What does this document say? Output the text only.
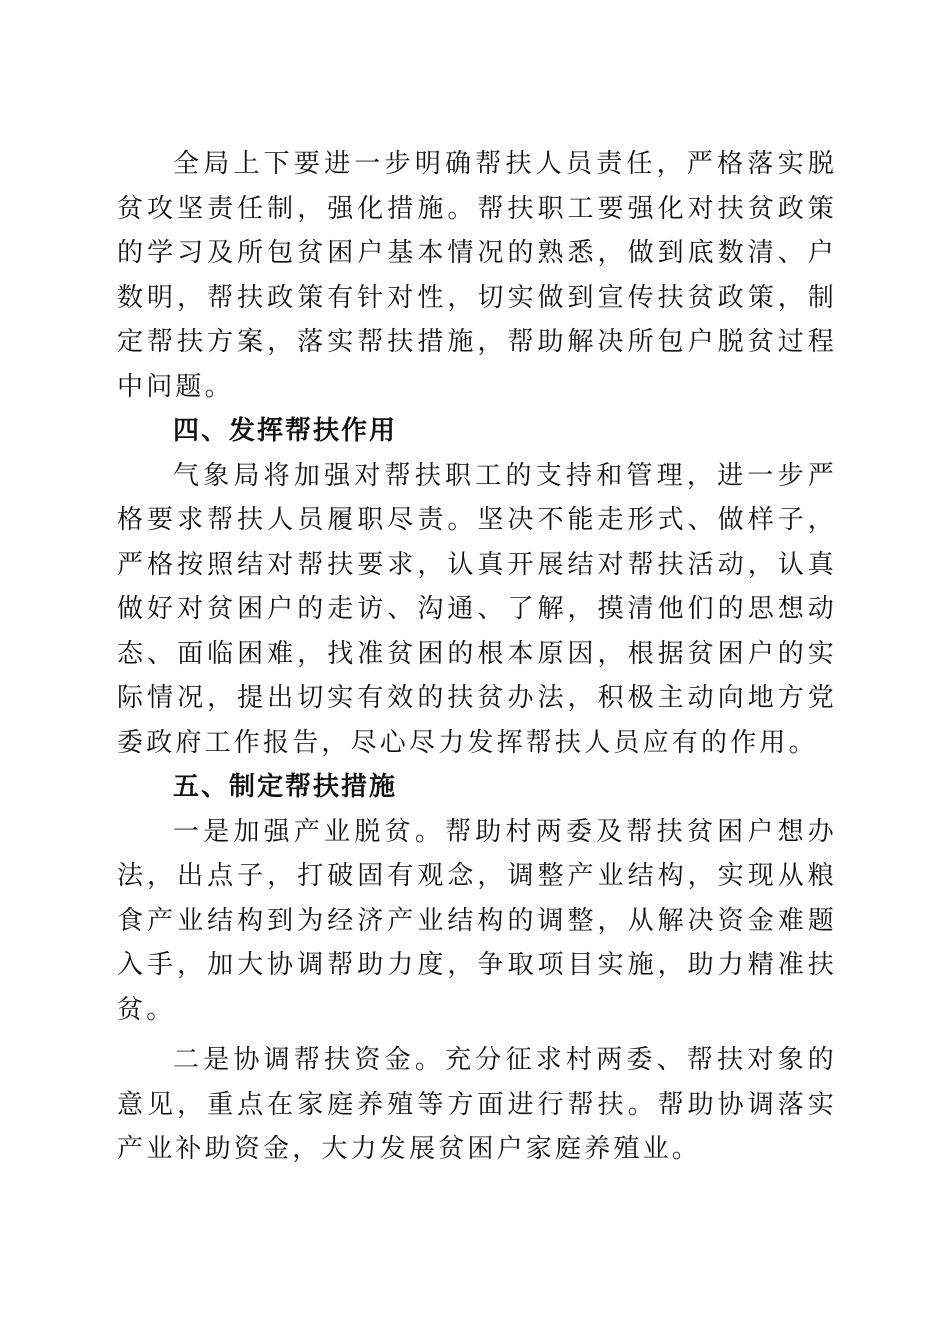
全局上下要进一步明确帮扶人员责任，严格落实脱贫攻坚责任制，强化措施。帮扶职工要强化对扶贫政策的学习及所包贫困户基本情况的熟悉，做到底数清、户数明，帮扶政策有针对性，切实做到宣传扶贫政策，制定帮扶方案，落实帮扶措施，帮助解决所包户脱贫过程中问题。

四、发挥帮扶作用

气象局将加强对帮扶职工的支持和管理，进一步严格要求帮扶人员履职尽责。坚决不能走形式、做样子，严格按照结对帮扶要求，认真开展结对帮扶活动，认真做好对贫困户的走访、沟通、了解，摸清他们的思想动态、面临困难，找准贫困的根本原因，根据贫困户的实际情况，提出切实有效的扶贫办法，积极主动向地方党委政府工作报告，尽心尽力发挥帮扶人员应有的作用。

五、制定帮扶措施

一是加强产业脱贫。帮助村两委及帮扶贫困户想办法，出点子，打破固有观念，调整产业结构，实现从粮食产业结构到为经济产业结构的调整，从解决资金难题入手，加大协调帮助力度，争取项目实施，助力精准扶贫。

二是协调帮扶资金。充分征求村两委、帮扶对象的意见，重点在家庭养殖等方面进行帮扶。帮助协调落实产业补助资金，大力发展贫困户家庭养殖业。
